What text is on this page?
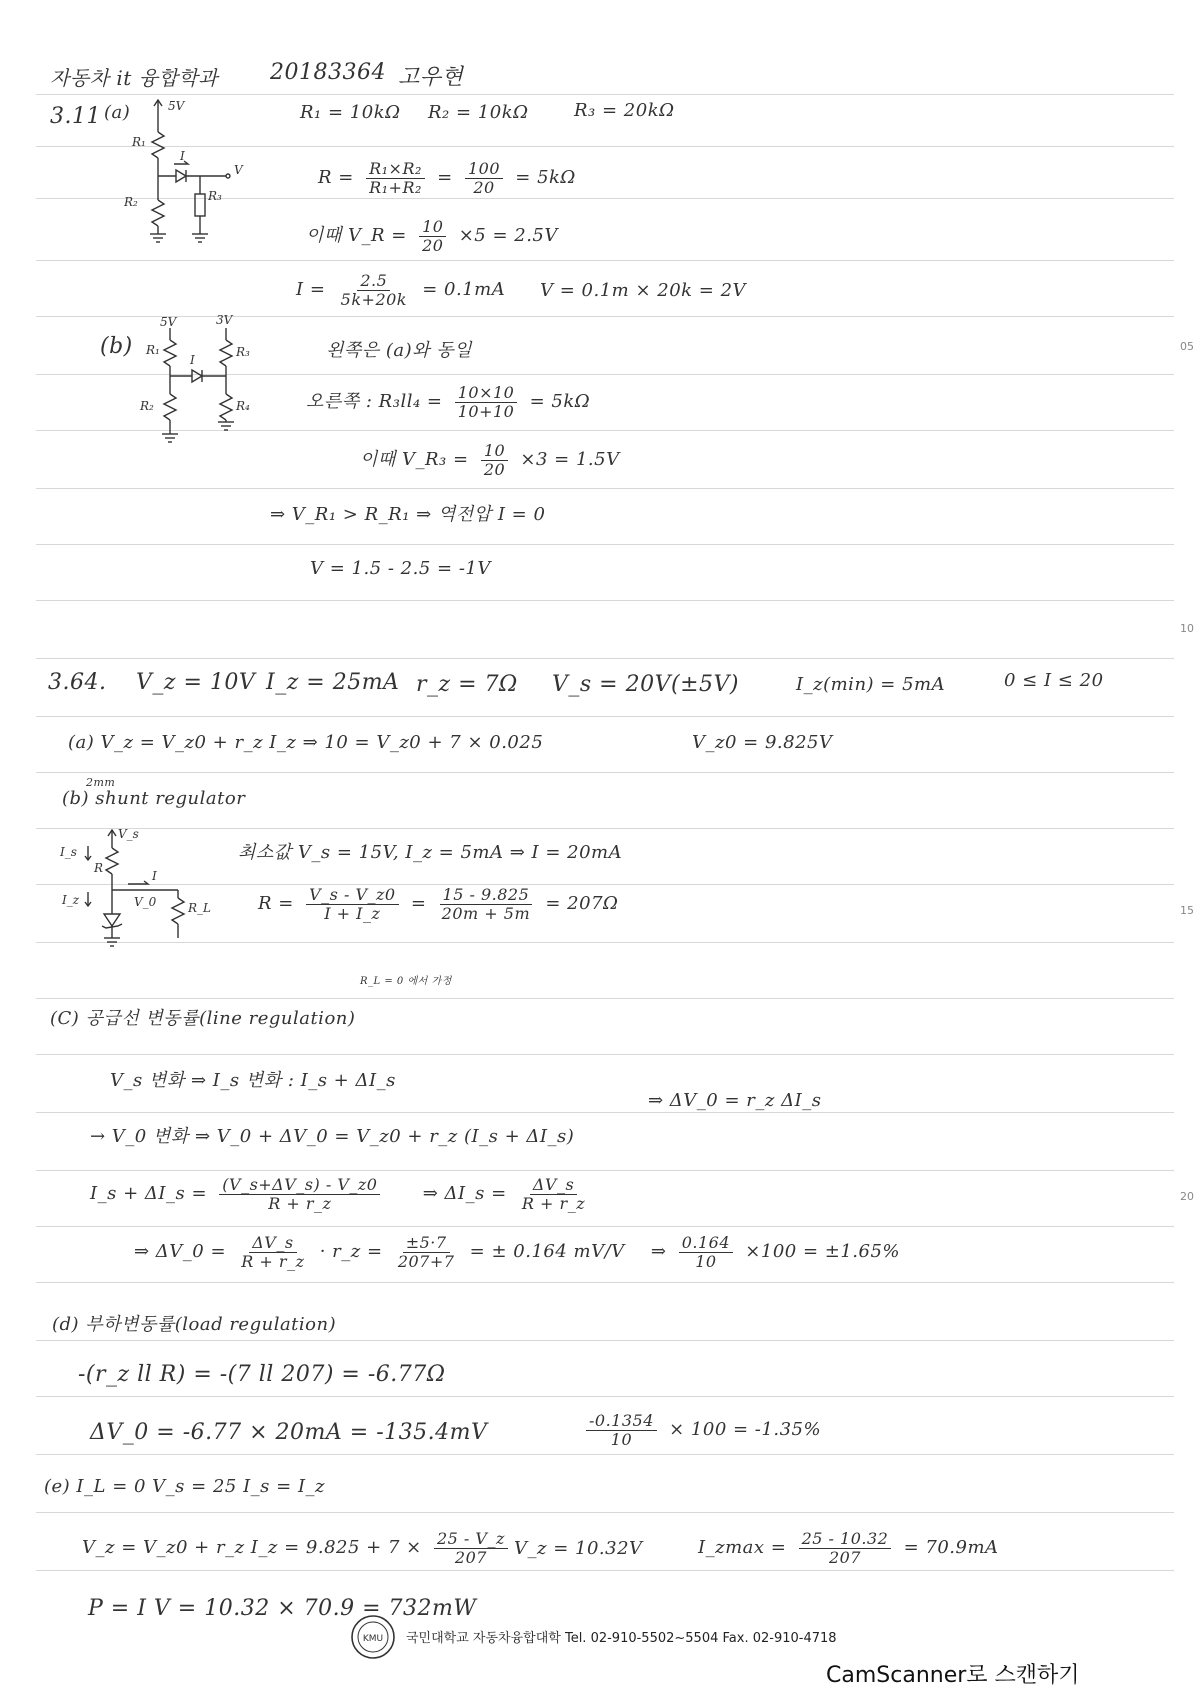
05
10
15
20
자동차 it 융합학과 20183364 고우현
3.11 (a)	5V
R₁
I
V
R₂	R₃
R₁ = 10kΩ R₂ = 10kΩ	R₃ = 20kΩ
$R = \frac{\text{R₁×R₂}}{\text{R₁+R₂}} = \frac{100}{20} = 5k\Omega$
이때 V_R = $\frac{10}{20} \times 5 = 2.5V$
$I = \frac{2.5}{5k+20k} = 0.1mA$ V = 0.1m × 20k = 2V
(b)
5V	3V
R₁	R₃
I
R₂	R₄
왼쪽은 (a)와 동일
오른쪽 : $R_3ll_4 = \frac{10\times 10}{10+10} = 5k\Omega$
이때 V_R₃ = $\frac{10}{20} \times 3 = 1.5V$
⇒ V_R₁ > R_R₁ ⇒ 역전압 I = 0
V = 1.5 - 2.5 = -1V
3.64. V_z = 10V I_z = 25mA r_z = 7Ω V_s = 20V(±5V)	I_z(min) = 5mA	0 ≤ I ≤ 20
(a) V_z = V_z0 + r_z I_z ⇒ 10 = V_z0 + 7 × 0.025	V_z0 = 9.825V
2mm
(b) shunt regulator
V_s
I_s
R
I
I_z	V_0	R_L
최소값 V_s = 15V, I_z = 5mA ⇒ I = 20mA
$R = \frac{V\_s - V\_z0}{I + I\_z} = \frac{15 - 9.825}{20m + 5m} = 207\Omega$
R_L = 0 에서 가정
(C) 공급선 변동률(line regulation)
V_s 변화 ⇒ I_s 변화 : I_s + ΔI_s
→ V_0 변화 ⇒ V_0 + ΔV_0 = V_z0 + r_z (I_s + ΔI_s)
⇒ ΔV_0 = r_z ΔI_s
I_s + ΔI_s = $\frac{(V\_s+\Delta V\_s) - V\_z0}{R + r\_z}$ ⇒ ΔI_s = $\frac{\Delta V\_s}{R + r\_z}$
⇒ ΔV_0 = $\frac{\Delta V\_s}{R + r\_z}$ · r_z = $\frac{\pm 5\cdot 7}{207+7}$ = ± 0.164 mV/V ⇒ $\frac{0.164}{10} \times 100 = \pm 1.65\%$
(d) 부하변동률(load regulation)
-(r_z ll R) = -(7 ll 207) = -6.77Ω
ΔV_0 = -6.77 × 20mA = -135.4mV	$\frac{-0.1354}{10} \times 100 = -1.35\%$
(e) I_L = 0 V_s = 25 I_s = I_z
V_z = V_z0 + r_z I_z = $9.825 + 7 \times \frac{25 - V\_z}{207}$ V_z = 10.32V	I_zmax = $\frac{25 - 10.32}{207} = 70.9mA$
P = I V = 10.32 × 70.9 = 732mW
KMU 국민대학교 자동차융합대학 Tel. 02-910-5502~5504 Fax. 02-910-4718
CamScanner로 스캔하기
